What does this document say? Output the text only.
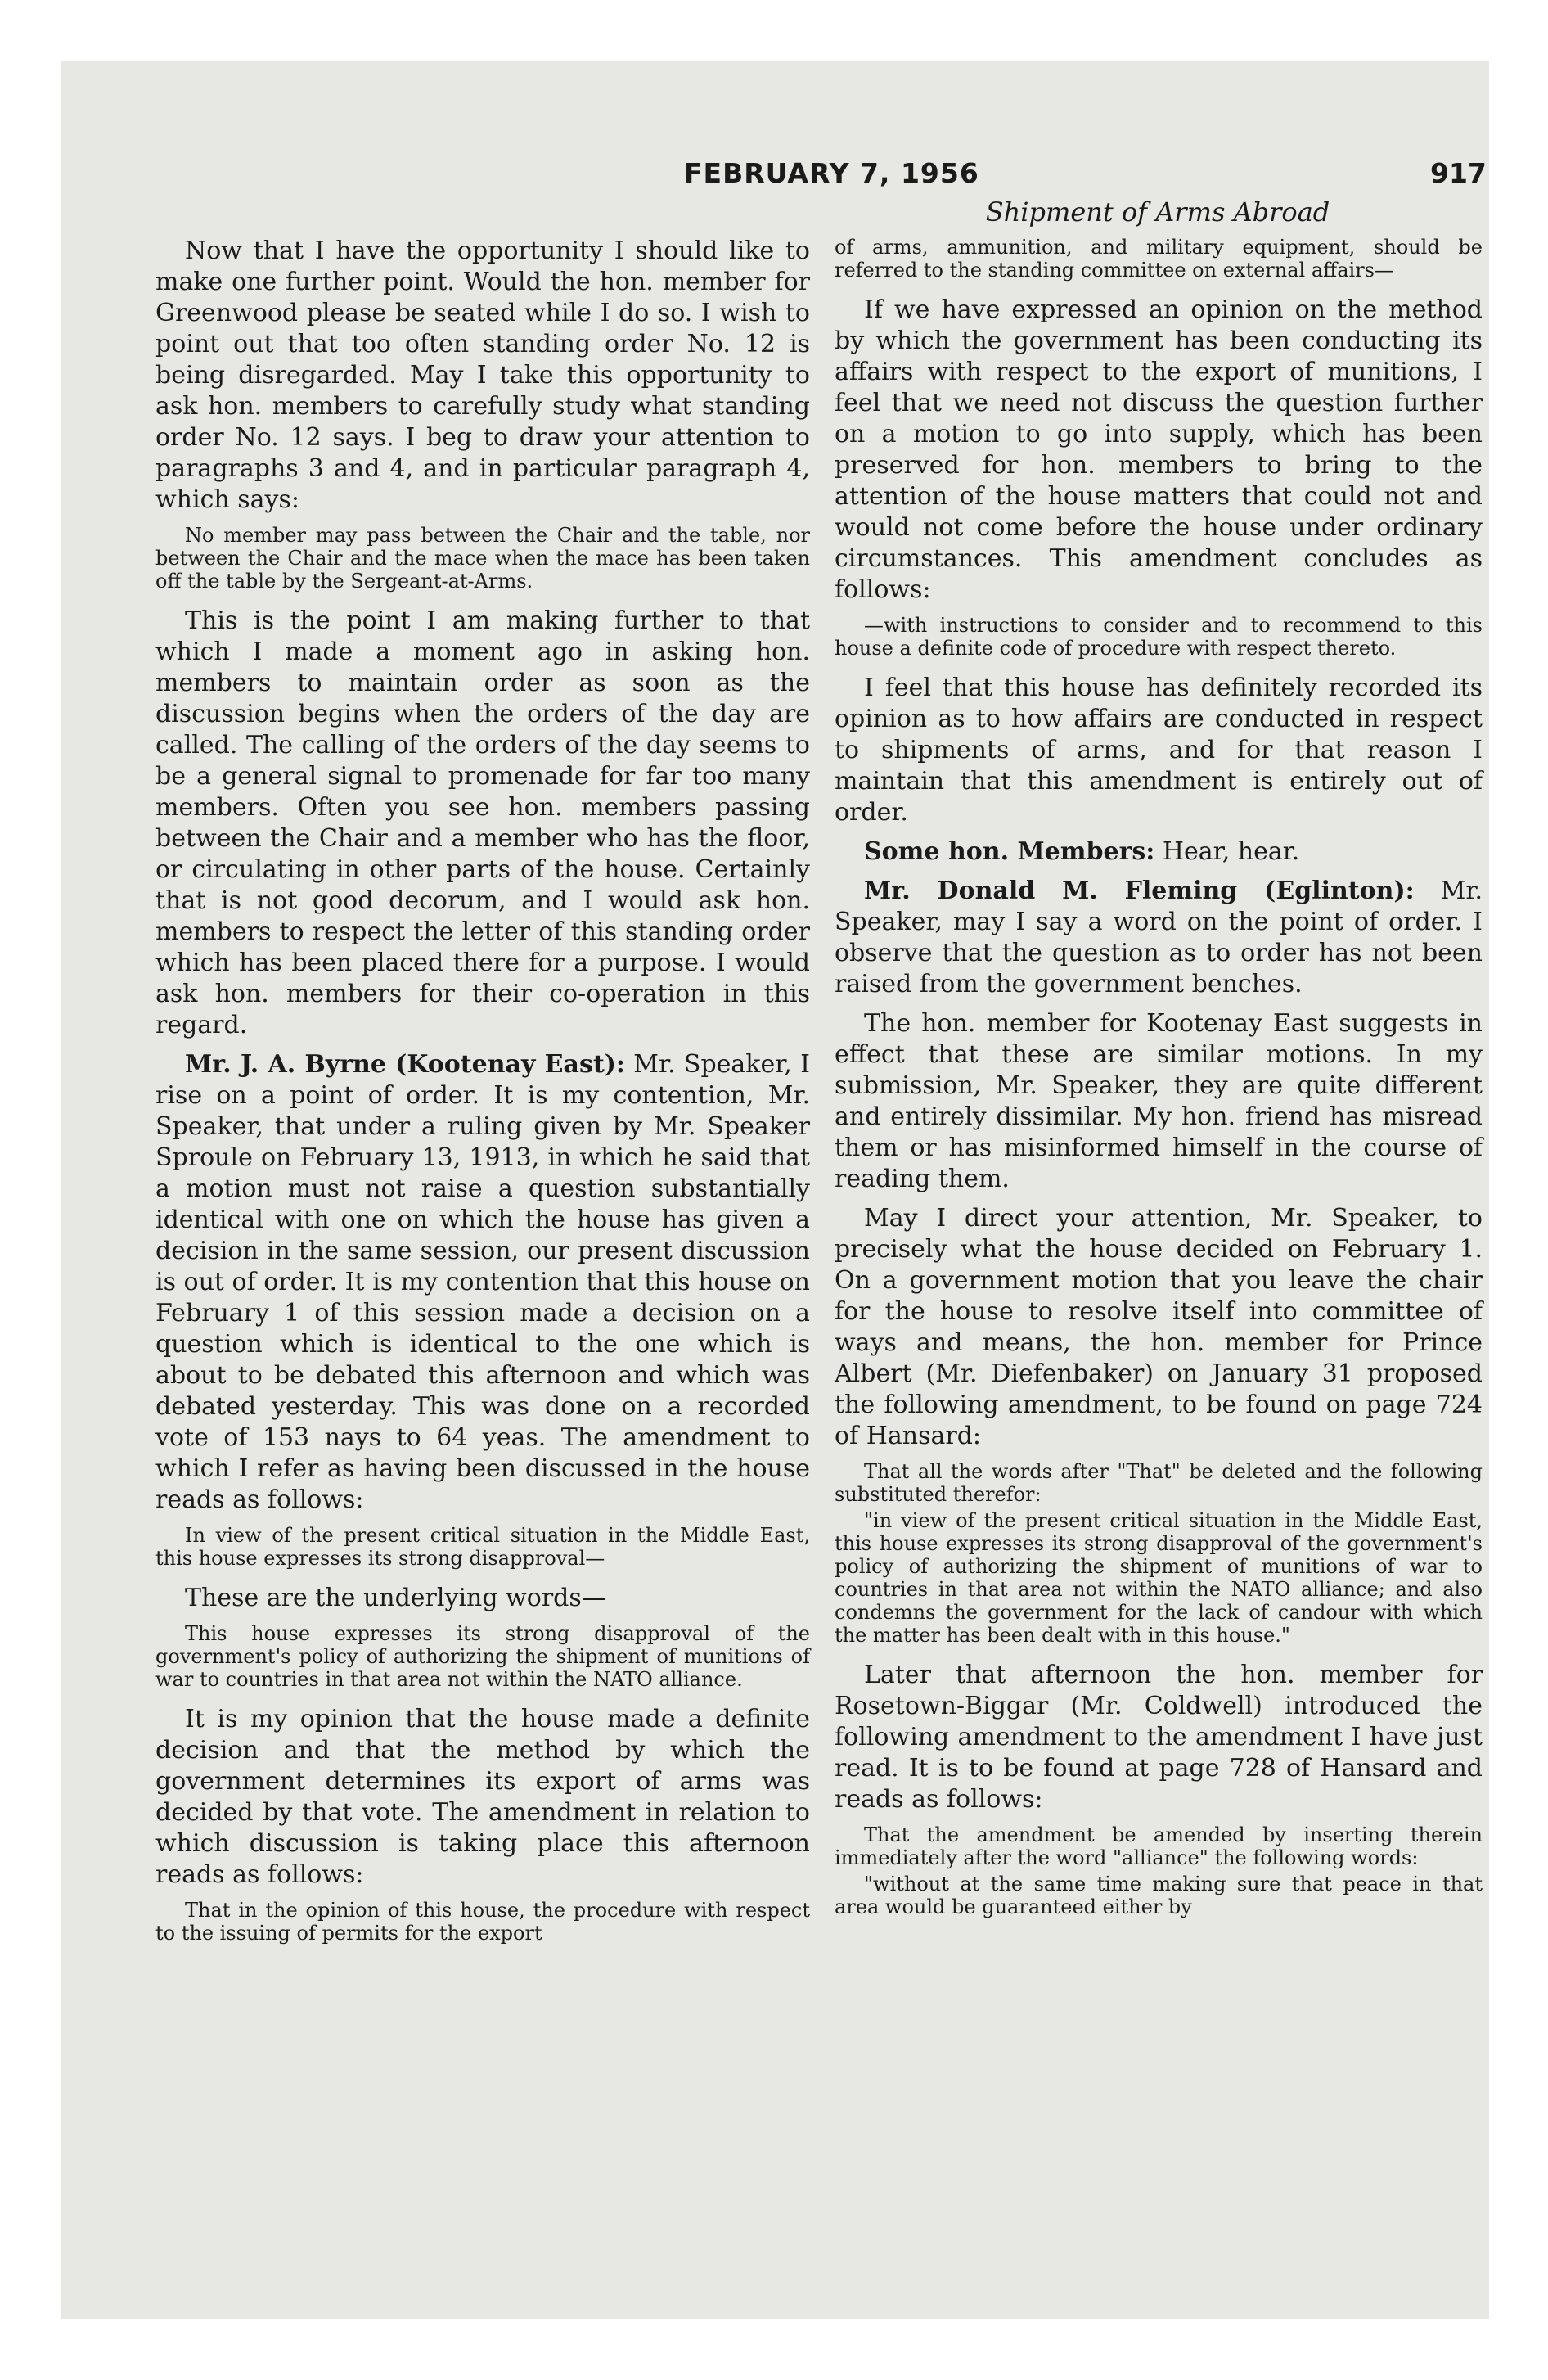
FEBRUARY 7, 1956	917
Shipment of Arms Abroad

Now that I have the opportunity I should like to make one further point. Would the hon. member for Greenwood please be seated while I do so. I wish to point out that too often standing order No. 12 is being disregarded. May I take this opportunity to ask hon. members to carefully study what standing order No. 12 says. I beg to draw your attention to paragraphs 3 and 4, and in particular paragraph 4, which says:

No member may pass between the Chair and the table, nor between the Chair and the mace when the mace has been taken off the table by the Sergeant-at-Arms.

This is the point I am making further to that which I made a moment ago in asking hon. members to maintain order as soon as the discussion begins when the orders of the day are called. The calling of the orders of the day seems to be a general signal to promenade for far too many members. Often you see hon. members passing between the Chair and a member who has the floor, or circulating in other parts of the house. Certainly that is not good decorum, and I would ask hon. members to respect the letter of this standing order which has been placed there for a purpose. I would ask hon. members for their co-operation in this regard.

Mr. J. A. Byrne (Kootenay East): Mr. Speaker, I rise on a point of order. It is my contention, Mr. Speaker, that under a ruling given by Mr. Speaker Sproule on February 13, 1913, in which he said that a motion must not raise a question substantially identical with one on which the house has given a decision in the same session, our present discussion is out of order. It is my contention that this house on February 1 of this session made a decision on a question which is identical to the one which is about to be debated this afternoon and which was debated yesterday. This was done on a recorded vote of 153 nays to 64 yeas. The amendment to which I refer as having been discussed in the house reads as follows:

In view of the present critical situation in the Middle East, this house expresses its strong disapproval—

These are the underlying words—

This house expresses its strong disapproval of the government's policy of authorizing the shipment of munitions of war to countries in that area not within the NATO alliance.

It is my opinion that the house made a definite decision and that the method by which the government determines its export of arms was decided by that vote. The amendment in relation to which discussion is taking place this afternoon reads as follows:

That in the opinion of this house, the procedure with respect to the issuing of permits for the export

of arms, ammunition, and military equipment, should be referred to the standing committee on external affairs—

If we have expressed an opinion on the method by which the government has been conducting its affairs with respect to the export of munitions, I feel that we need not discuss the question further on a motion to go into supply, which has been preserved for hon. members to bring to the attention of the house matters that could not and would not come before the house under ordinary circumstances. This amendment concludes as follows:

—with instructions to consider and to recommend to this house a definite code of procedure with respect thereto.

I feel that this house has definitely recorded its opinion as to how affairs are conducted in respect to shipments of arms, and for that reason I maintain that this amendment is entirely out of order.

Some hon. Members: Hear, hear.

Mr. Donald M. Fleming (Eglinton): Mr. Speaker, may I say a word on the point of order. I observe that the question as to order has not been raised from the government benches.

The hon. member for Kootenay East suggests in effect that these are similar motions. In my submission, Mr. Speaker, they are quite different and entirely dissimilar. My hon. friend has misread them or has misinformed himself in the course of reading them.

May I direct your attention, Mr. Speaker, to precisely what the house decided on February 1. On a government motion that you leave the chair for the house to resolve itself into committee of ways and means, the hon. member for Prince Albert (Mr. Diefenbaker) on January 31 proposed the following amendment, to be found on page 724 of Hansard:

That all the words after "That" be deleted and the following substituted therefor:

"in view of the present critical situation in the Middle East, this house expresses its strong disapproval of the government's policy of authorizing the shipment of munitions of war to countries in that area not within the NATO alliance; and also condemns the government for the lack of candour with which the matter has been dealt with in this house."

Later that afternoon the hon. member for Rosetown-Biggar (Mr. Coldwell) introduced the following amendment to the amendment I have just read. It is to be found at page 728 of Hansard and reads as follows:

That the amendment be amended by inserting therein immediately after the word "alliance" the following words:

"without at the same time making sure that peace in that area would be guaranteed either by
